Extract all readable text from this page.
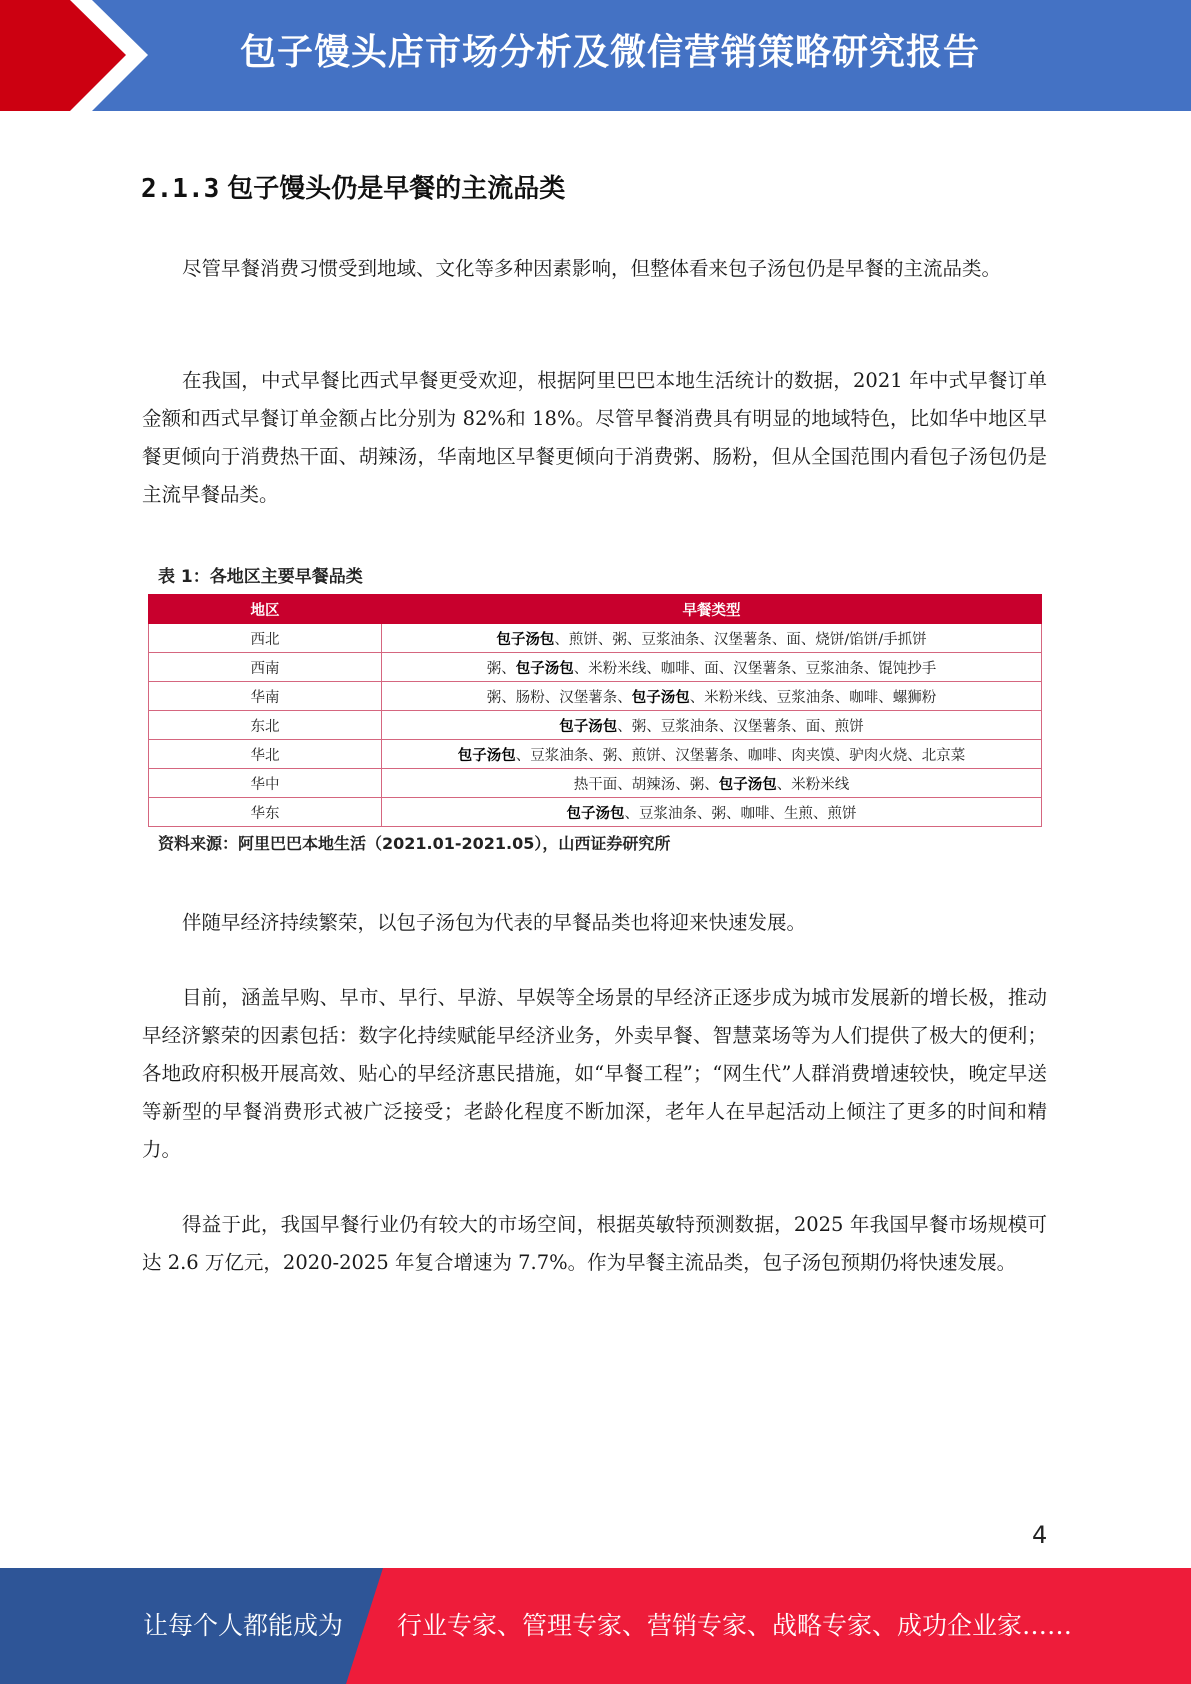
包子馒头店市场分析及微信营销策略研究报告
2.1.3 包子馒头仍是早餐的主流品类

尽管早餐消费习惯受到地域、文化等多种因素影响，但整体看来包子汤包仍是早餐的主流品类。

在我国，中式早餐比西式早餐更受欢迎，根据阿里巴巴本地生活统计的数据，2021 年中式早餐订单金额和西式早餐订单金额占比分别为 82%和 18%。尽管早餐消费具有明显的地域特色，比如华中地区早餐更倾向于消费热干面、胡辣汤，华南地区早餐更倾向于消费粥、肠粉，但从全国范围内看包子汤包仍是主流早餐品类。

表 1：各地区主要早餐品类
地区	早餐类型
西北	包子汤包、煎饼、粥、豆浆油条、汉堡薯条、面、烧饼/馅饼/手抓饼
西南	粥、包子汤包、米粉米线、咖啡、面、汉堡薯条、豆浆油条、馄饨抄手
华南	粥、肠粉、汉堡薯条、包子汤包、米粉米线、豆浆油条、咖啡、螺狮粉
东北	包子汤包、粥、豆浆油条、汉堡薯条、面、煎饼
华北	包子汤包、豆浆油条、粥、煎饼、汉堡薯条、咖啡、肉夹馍、驴肉火烧、北京菜
华中	热干面、胡辣汤、粥、包子汤包、米粉米线
华东	包子汤包、豆浆油条、粥、咖啡、生煎、煎饼
资料来源：阿里巴巴本地生活（2021.01-2021.05），山西证券研究所

伴随早经济持续繁荣，以包子汤包为代表的早餐品类也将迎来快速发展。

目前，涵盖早购、早市、早行、早游、早娱等全场景的早经济正逐步成为城市发展新的增长极，推动早经济繁荣的因素包括：数字化持续赋能早经济业务，外卖早餐、智慧菜场等为人们提供了极大的便利；各地政府积极开展高效、贴心的早经济惠民措施，如“早餐工程”；“网生代”人群消费增速较快，晚定早送等新型的早餐消费形式被广泛接受；老龄化程度不断加深，老年人在早起活动上倾注了更多的时间和精力。

得益于此，我国早餐行业仍有较大的市场空间，根据英敏特预测数据，2025 年我国早餐市场规模可达 2.6 万亿元，2020-2025 年复合增速为 7.7%。作为早餐主流品类，包子汤包预期仍将快速发展。

4
让每个人都能成为 行业专家、管理专家、营销专家、战略专家、成功企业家……
